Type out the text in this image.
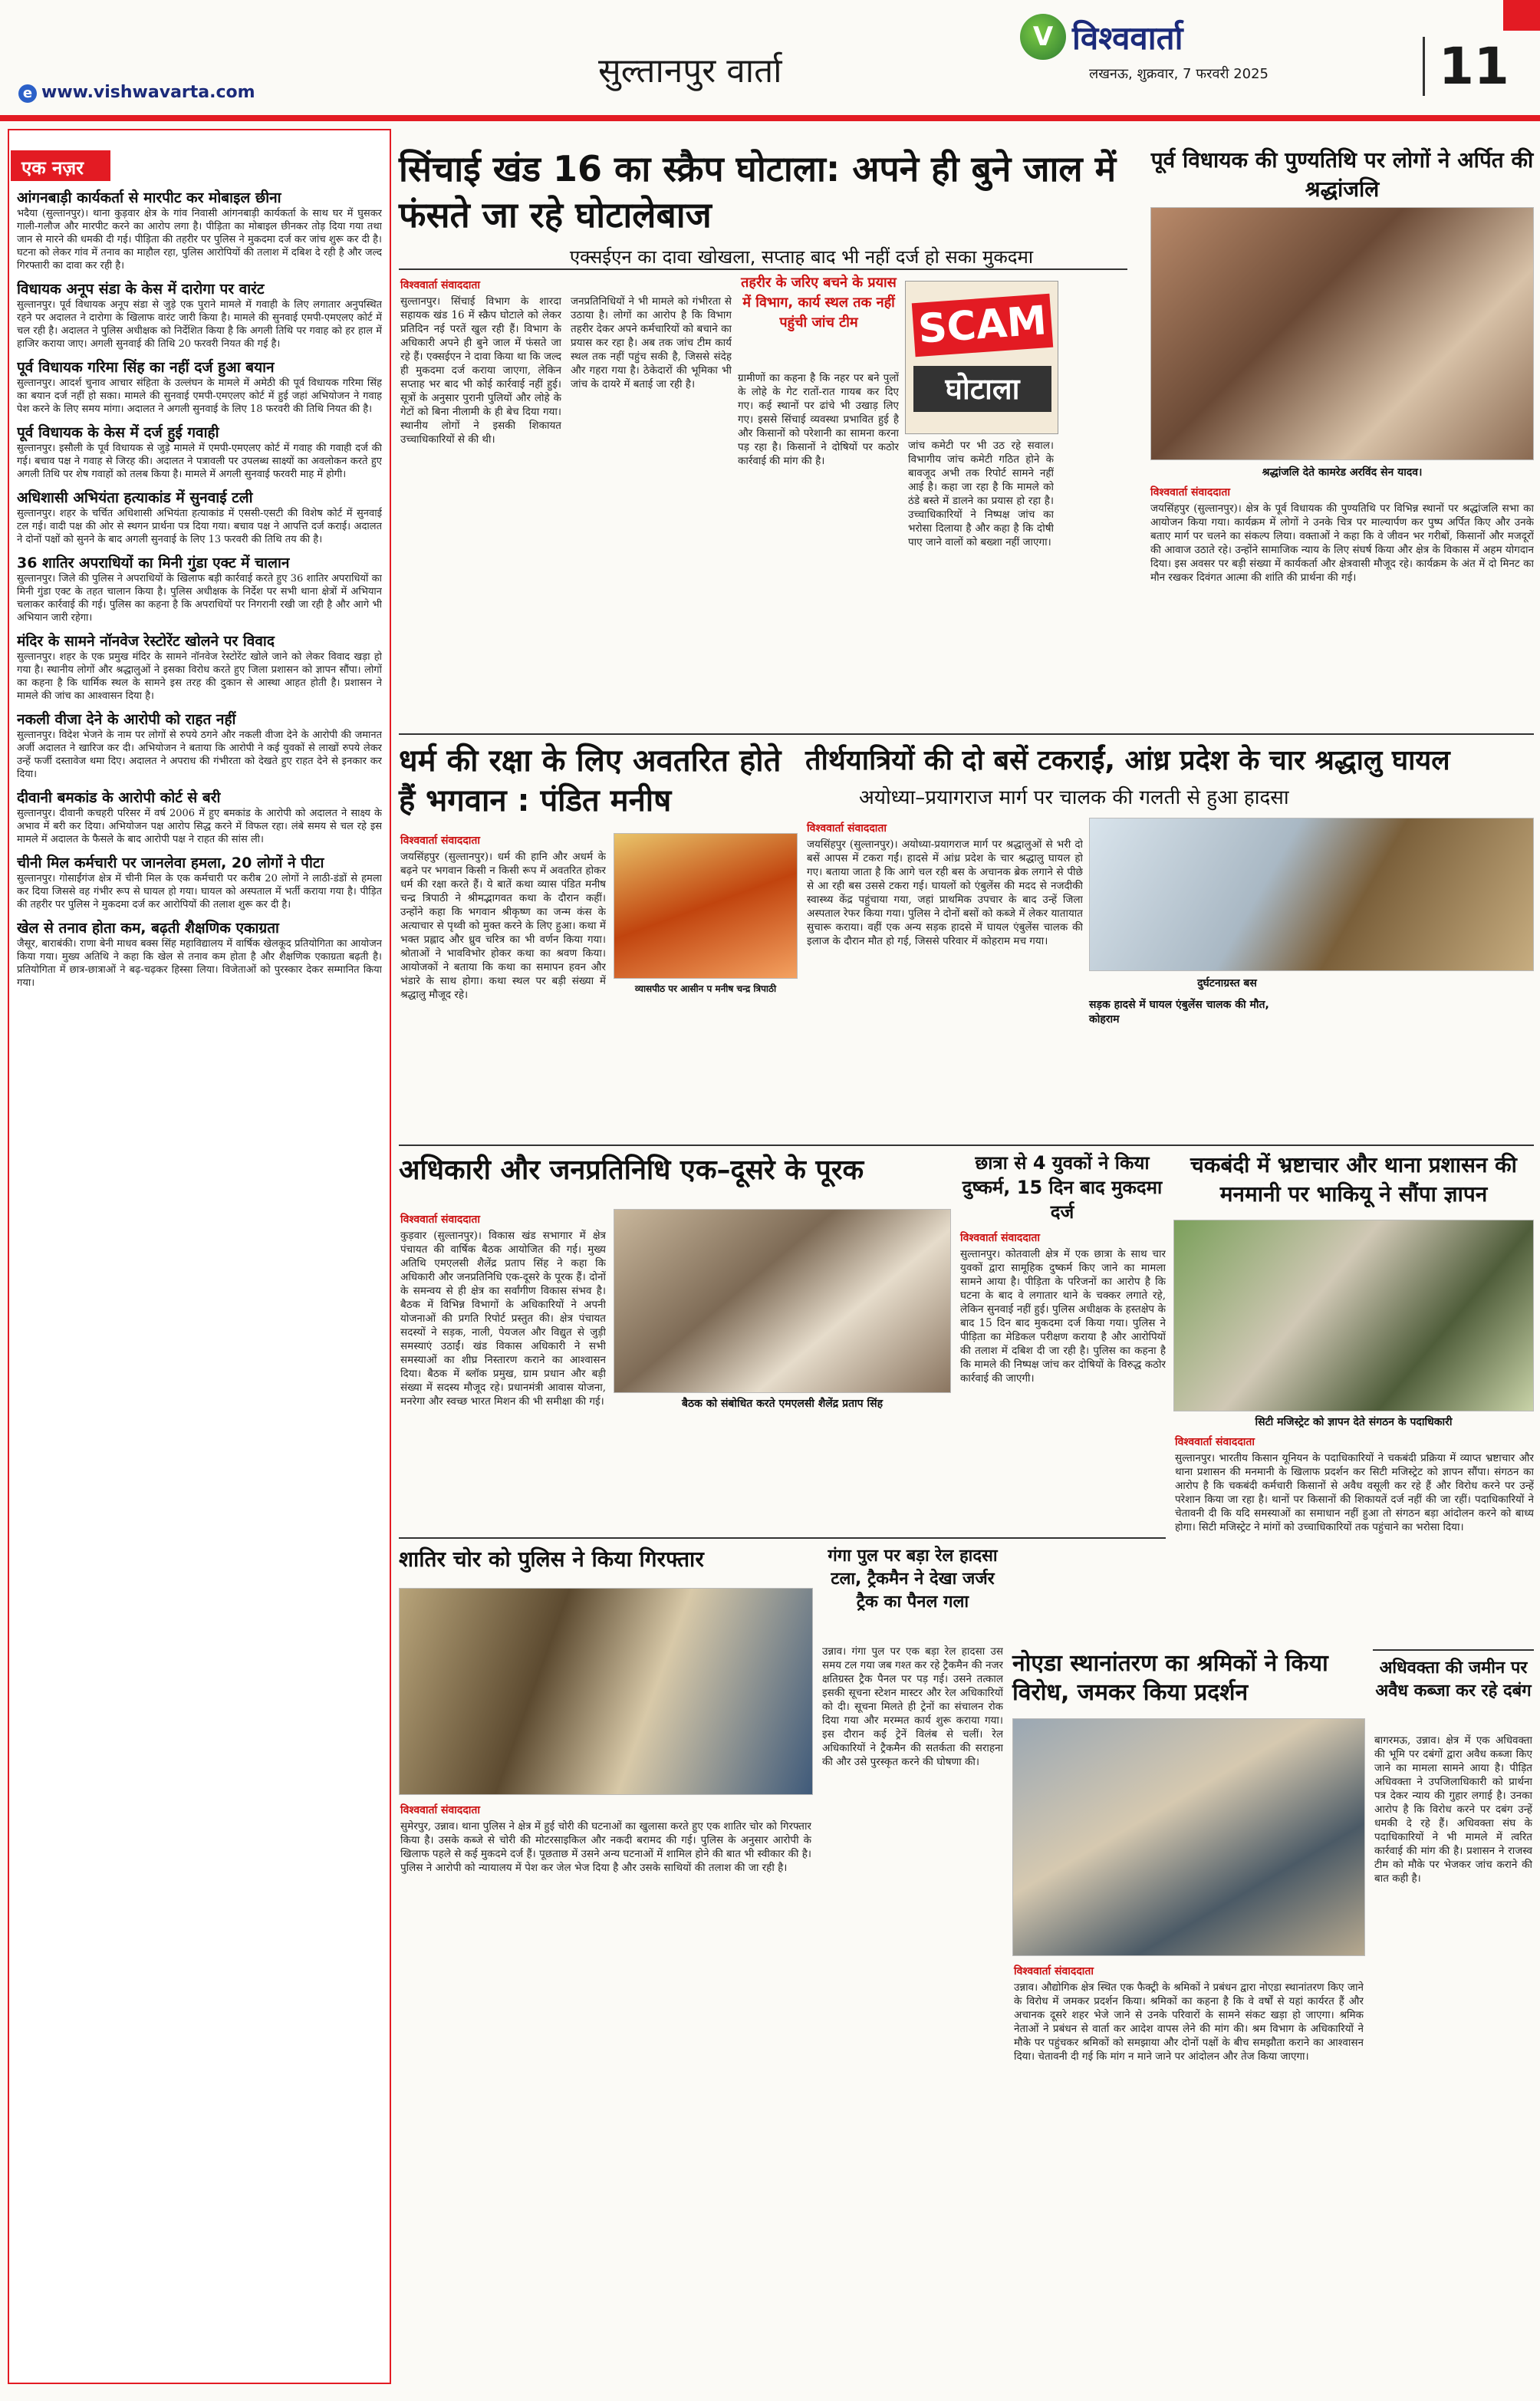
सुल्तानपुर वार्ता
e www.vishwavarta.com
V विश्ववार्ता
लखनऊ, शुक्रवार, 7 फरवरी 2025	11
एक नज़र
आंगनबाड़ी कार्यकर्ता से मारपीट कर मोबाइल छीना
भदैया (सुल्तानपुर)। थाना कुड़वार क्षेत्र के गांव निवासी आंगनबाड़ी कार्यकर्ता के साथ घर में घुसकर गाली-गलौज और मारपीट करने का आरोप लगा है। पीड़िता का मोबाइल छीनकर तोड़ दिया गया तथा जान से मारने की धमकी दी गई। पीड़िता की तहरीर पर पुलिस ने मुकदमा दर्ज कर जांच शुरू कर दी है। घटना को लेकर गांव में तनाव का माहौल रहा, पुलिस आरोपियों की तलाश में दबिश दे रही है और जल्द गिरफ्तारी का दावा कर रही है।
विधायक अनूप संडा के केस में दारोगा पर वारंट
सुल्तानपुर। पूर्व विधायक अनूप संडा से जुड़े एक पुराने मामले में गवाही के लिए लगातार अनुपस्थित रहने पर अदालत ने दारोगा के खिलाफ वारंट जारी किया है। मामले की सुनवाई एमपी-एमएलए कोर्ट में चल रही है। अदालत ने पुलिस अधीक्षक को निर्देशित किया है कि अगली तिथि पर गवाह को हर हाल में हाजिर कराया जाए। अगली सुनवाई की तिथि 20 फरवरी नियत की गई है।
पूर्व विधायक गरिमा सिंह का नहीं दर्ज हुआ बयान
सुल्तानपुर। आदर्श चुनाव आचार संहिता के उल्लंघन के मामले में अमेठी की पूर्व विधायक गरिमा सिंह का बयान दर्ज नहीं हो सका। मामले की सुनवाई एमपी-एमएलए कोर्ट में हुई जहां अभियोजन ने गवाह पेश करने के लिए समय मांगा। अदालत ने अगली सुनवाई के लिए 18 फरवरी की तिथि नियत की है।
पूर्व विधायक के केस में दर्ज हुई गवाही
सुल्तानपुर। इसौली के पूर्व विधायक से जुड़े मामले में एमपी-एमएलए कोर्ट में गवाह की गवाही दर्ज की गई। बचाव पक्ष ने गवाह से जिरह की। अदालत ने पत्रावली पर उपलब्ध साक्ष्यों का अवलोकन करते हुए अगली तिथि पर शेष गवाहों को तलब किया है। मामले में अगली सुनवाई फरवरी माह में होगी।
अधिशासी अभियंता हत्याकांड में सुनवाई टली
सुल्तानपुर। शहर के चर्चित अधिशासी अभियंता हत्याकांड में एससी-एसटी की विशेष कोर्ट में सुनवाई टल गई। वादी पक्ष की ओर से स्थगन प्रार्थना पत्र दिया गया। बचाव पक्ष ने आपत्ति दर्ज कराई। अदालत ने दोनों पक्षों को सुनने के बाद अगली सुनवाई के लिए 13 फरवरी की तिथि तय की है।
36 शातिर अपराधियों का मिनी गुंडा एक्ट में चालान
सुल्तानपुर। जिले की पुलिस ने अपराधियों के खिलाफ बड़ी कार्रवाई करते हुए 36 शातिर अपराधियों का मिनी गुंडा एक्ट के तहत चालान किया है। पुलिस अधीक्षक के निर्देश पर सभी थाना क्षेत्रों में अभियान चलाकर कार्रवाई की गई। पुलिस का कहना है कि अपराधियों पर निगरानी रखी जा रही है और आगे भी अभियान जारी रहेगा।
मंदिर के सामने नॉनवेज रेस्टोरेंट खोलने पर विवाद
सुल्तानपुर। शहर के एक प्रमुख मंदिर के सामने नॉनवेज रेस्टोरेंट खोले जाने को लेकर विवाद खड़ा हो गया है। स्थानीय लोगों और श्रद्धालुओं ने इसका विरोध करते हुए जिला प्रशासन को ज्ञापन सौंपा। लोगों का कहना है कि धार्मिक स्थल के सामने इस तरह की दुकान से आस्था आहत होती है। प्रशासन ने मामले की जांच का आश्वासन दिया है।
नकली वीजा देने के आरोपी को राहत नहीं
सुल्तानपुर। विदेश भेजने के नाम पर लोगों से रुपये ठगने और नकली वीजा देने के आरोपी की जमानत अर्जी अदालत ने खारिज कर दी। अभियोजन ने बताया कि आरोपी ने कई युवकों से लाखों रुपये लेकर उन्हें फर्जी दस्तावेज थमा दिए। अदालत ने अपराध की गंभीरता को देखते हुए राहत देने से इनकार कर दिया।
दीवानी बमकांड के आरोपी कोर्ट से बरी
सुल्तानपुर। दीवानी कचहरी परिसर में वर्ष 2006 में हुए बमकांड के आरोपी को अदालत ने साक्ष्य के अभाव में बरी कर दिया। अभियोजन पक्ष आरोप सिद्ध करने में विफल रहा। लंबे समय से चल रहे इस मामले में अदालत के फैसले के बाद आरोपी पक्ष ने राहत की सांस ली।
चीनी मिल कर्मचारी पर जानलेवा हमला, 20 लोगों ने पीटा
सुल्तानपुर। गोसाईंगंज क्षेत्र में चीनी मिल के एक कर्मचारी पर करीब 20 लोगों ने लाठी-डंडों से हमला कर दिया जिससे वह गंभीर रूप से घायल हो गया। घायल को अस्पताल में भर्ती कराया गया है। पीड़ित की तहरीर पर पुलिस ने मुकदमा दर्ज कर आरोपियों की तलाश शुरू कर दी है।
खेल से तनाव होता कम, बढ़ती शैक्षणिक एकाग्रता
जैसूर, बाराबंकी। राणा बेनी माधव बक्स सिंह महाविद्यालय में वार्षिक खेलकूद प्रतियोगिता का आयोजन किया गया। मुख्य अतिथि ने कहा कि खेल से तनाव कम होता है और शैक्षणिक एकाग्रता बढ़ती है। प्रतियोगिता में छात्र-छात्राओं ने बढ़-चढ़कर हिस्सा लिया। विजेताओं को पुरस्कार देकर सम्मानित किया गया।
सिंचाई खंड 16 का स्क्रैप घोटाला: अपने ही बुने जाल में फंसते जा रहे घोटालेबाज
एक्सईएन का दावा खोखला, सप्ताह बाद भी नहीं दर्ज हो सका मुकदमा
विश्ववार्ता संवाददाता	तहरीर के जरिए बचने के प्रयास में विभाग, कार्य स्थल तक नहीं पहुंची जांच टीम	SCAM
घोटाला
सुल्तानपुर। सिंचाई विभाग के शारदा सहायक खंड 16 में स्क्रैप घोटाले को लेकर प्रतिदिन नई परतें खुल रही हैं। विभाग के अधिकारी अपने ही बुने जाल में फंसते जा रहे हैं। एक्सईएन ने दावा किया था कि जल्द ही मुकदमा दर्ज कराया जाएगा, लेकिन सप्ताह भर बाद भी कोई कार्रवाई नहीं हुई। सूत्रों के अनुसार पुरानी पुलियों और लोहे के गेटों को बिना नीलामी के ही बेच दिया गया। स्थानीय लोगों ने इसकी शिकायत उच्चाधिकारियों से की थी।
जनप्रतिनिधियों ने भी मामले को गंभीरता से उठाया है। लोगों का आरोप है कि विभाग तहरीर देकर अपने कर्मचारियों को बचाने का प्रयास कर रहा है। अब तक जांच टीम कार्य स्थल तक नहीं पहुंच सकी है, जिससे संदेह और गहरा गया है। ठेकेदारों की भूमिका भी जांच के दायरे में बताई जा रही है।	ग्रामीणों का कहना है कि नहर पर बने पुलों के लोहे के गेट रातों-रात गायब कर दिए गए। कई स्थानों पर ढांचे भी उखाड़ लिए गए। इससे सिंचाई व्यवस्था प्रभावित हुई है और किसानों को परेशानी का सामना करना पड़ रहा है। किसानों ने दोषियों पर कठोर कार्रवाई की मांग की है।
जांच कमेटी पर भी उठ रहे सवाल। विभागीय जांच कमेटी गठित होने के बावजूद अभी तक रिपोर्ट सामने नहीं आई है। कहा जा रहा है कि मामले को ठंडे बस्ते में डालने का प्रयास हो रहा है। उच्चाधिकारियों ने निष्पक्ष जांच का भरोसा दिलाया है और कहा है कि दोषी पाए जाने वालों को बख्शा नहीं जाएगा।
पूर्व विधायक की पुण्यतिथि पर लोगों ने अर्पित की श्रद्धांजलि
श्रद्धांजलि देते कामरेड अरविंद सेन यादव।
विश्ववार्ता संवाददाता
जयसिंहपुर (सुल्तानपुर)। क्षेत्र के पूर्व विधायक की पुण्यतिथि पर विभिन्न स्थानों पर श्रद्धांजलि सभा का आयोजन किया गया। कार्यक्रम में लोगों ने उनके चित्र पर माल्यार्पण कर पुष्प अर्पित किए और उनके बताए मार्ग पर चलने का संकल्प लिया। वक्ताओं ने कहा कि वे जीवन भर गरीबों, किसानों और मजदूरों की आवाज उठाते रहे। उन्होंने सामाजिक न्याय के लिए संघर्ष किया और क्षेत्र के विकास में अहम योगदान दिया। इस अवसर पर बड़ी संख्या में कार्यकर्ता और क्षेत्रवासी मौजूद रहे। कार्यक्रम के अंत में दो मिनट का मौन रखकर दिवंगत आत्मा की शांति की प्रार्थना की गई।
धर्म की रक्षा के लिए अवतरित होते हैं भगवान : पंडित मनीष
विश्ववार्ता संवाददाता
व्यासपीठ पर आसीन प मनीष चन्द्र त्रिपाठी
जयसिंहपुर (सुल्तानपुर)। धर्म की हानि और अधर्म के बढ़ने पर भगवान किसी न किसी रूप में अवतरित होकर धर्म की रक्षा करते हैं। ये बातें कथा व्यास पंडित मनीष चन्द्र त्रिपाठी ने श्रीमद्भागवत कथा के दौरान कहीं। उन्होंने कहा कि भगवान श्रीकृष्ण का जन्म कंस के अत्याचार से पृथ्वी को मुक्त करने के लिए हुआ। कथा में भक्त प्रह्लाद और ध्रुव चरित्र का भी वर्णन किया गया। श्रोताओं ने भावविभोर होकर कथा का श्रवण किया। आयोजकों ने बताया कि कथा का समापन हवन और भंडारे के साथ होगा। कथा स्थल पर बड़ी संख्या में श्रद्धालु मौजूद रहे।
तीर्थयात्रियों की दो बसें टकराईं, आंध्र प्रदेश के चार श्रद्धालु घायल
अयोध्या–प्रयागराज मार्ग पर चालक की गलती से हुआ हादसा
विश्ववार्ता संवाददाता
दुर्घटनाग्रस्त बस
सड़क हादसे में घायल एंबुलेंस चालक की मौत,
कोहराम
जयसिंहपुर (सुल्तानपुर)। अयोध्या-प्रयागराज मार्ग पर श्रद्धालुओं से भरी दो बसें आपस में टकरा गईं। हादसे में आंध्र प्रदेश के चार श्रद्धालु घायल हो गए। बताया जाता है कि आगे चल रही बस के अचानक ब्रेक लगाने से पीछे से आ रही बस उससे टकरा गई। घायलों को एंबुलेंस की मदद से नजदीकी स्वास्थ्य केंद्र पहुंचाया गया, जहां प्राथमिक उपचार के बाद उन्हें जिला अस्पताल रेफर किया गया। पुलिस ने दोनों बसों को कब्जे में लेकर यातायात सुचारू कराया। वहीं एक अन्य सड़क हादसे में घायल एंबुलेंस चालक की इलाज के दौरान मौत हो गई, जिससे परिवार में कोहराम मच गया।
अधिकारी और जनप्रतिनिधि एक–दूसरे के पूरक
विश्ववार्ता संवाददाता
बैठक को संबोधित करते एमएलसी शैलेंद्र प्रताप सिंह
कुड़वार (सुल्तानपुर)। विकास खंड सभागार में क्षेत्र पंचायत की वार्षिक बैठक आयोजित की गई। मुख्य अतिथि एमएलसी शैलेंद्र प्रताप सिंह ने कहा कि अधिकारी और जनप्रतिनिधि एक-दूसरे के पूरक हैं। दोनों के समन्वय से ही क्षेत्र का सर्वांगीण विकास संभव है। बैठक में विभिन्न विभागों के अधिकारियों ने अपनी योजनाओं की प्रगति रिपोर्ट प्रस्तुत की। क्षेत्र पंचायत सदस्यों ने सड़क, नाली, पेयजल और विद्युत से जुड़ी समस्याएं उठाईं। खंड विकास अधिकारी ने सभी समस्याओं का शीघ्र निस्तारण कराने का आश्वासन दिया। बैठक में ब्लॉक प्रमुख, ग्राम प्रधान और बड़ी संख्या में सदस्य मौजूद रहे। प्रधानमंत्री आवास योजना, मनरेगा और स्वच्छ भारत मिशन की भी समीक्षा की गई।
छात्रा से 4 युवकों ने किया दुष्कर्म, 15 दिन बाद मुकदमा दर्ज
विश्ववार्ता संवाददाता
सुल्तानपुर। कोतवाली क्षेत्र में एक छात्रा के साथ चार युवकों द्वारा सामूहिक दुष्कर्म किए जाने का मामला सामने आया है। पीड़िता के परिजनों का आरोप है कि घटना के बाद वे लगातार थाने के चक्कर लगाते रहे, लेकिन सुनवाई नहीं हुई। पुलिस अधीक्षक के हस्तक्षेप के बाद 15 दिन बाद मुकदमा दर्ज किया गया। पुलिस ने पीड़िता का मेडिकल परीक्षण कराया है और आरोपियों की तलाश में दबिश दी जा रही है। पुलिस का कहना है कि मामले की निष्पक्ष जांच कर दोषियों के विरुद्ध कठोर कार्रवाई की जाएगी।
चकबंदी में भ्रष्टाचार और थाना प्रशासन की मनमानी पर भाकियू ने सौंपा ज्ञापन
सिटी मजिस्ट्रेट को ज्ञापन देते संगठन के पदाधिकारी
विश्ववार्ता संवाददाता
सुल्तानपुर। भारतीय किसान यूनियन के पदाधिकारियों ने चकबंदी प्रक्रिया में व्याप्त भ्रष्टाचार और थाना प्रशासन की मनमानी के खिलाफ प्रदर्शन कर सिटी मजिस्ट्रेट को ज्ञापन सौंपा। संगठन का आरोप है कि चकबंदी कर्मचारी किसानों से अवैध वसूली कर रहे हैं और विरोध करने पर उन्हें परेशान किया जा रहा है। थानों पर किसानों की शिकायतें दर्ज नहीं की जा रहीं। पदाधिकारियों ने चेतावनी दी कि यदि समस्याओं का समाधान नहीं हुआ तो संगठन बड़ा आंदोलन करने को बाध्य होगा। सिटी मजिस्ट्रेट ने मांगों को उच्चाधिकारियों तक पहुंचाने का भरोसा दिया।
शातिर चोर को पुलिस ने किया गिरफ्तार
विश्ववार्ता संवाददाता
सुमेरपुर, उन्नाव। थाना पुलिस ने क्षेत्र में हुई चोरी की घटनाओं का खुलासा करते हुए एक शातिर चोर को गिरफ्तार किया है। उसके कब्जे से चोरी की मोटरसाइकिल और नकदी बरामद की गई। पुलिस के अनुसार आरोपी के खिलाफ पहले से कई मुकदमे दर्ज हैं। पूछताछ में उसने अन्य घटनाओं में शामिल होने की बात भी स्वीकार की है। पुलिस ने आरोपी को न्यायालय में पेश कर जेल भेज दिया है और उसके साथियों की तलाश की जा रही है।
गंगा पुल पर बड़ा रेल हादसा टला, ट्रैकमैन ने देखा जर्जर ट्रैक का पैनल गला
उन्नाव। गंगा पुल पर एक बड़ा रेल हादसा उस समय टल गया जब गश्त कर रहे ट्रैकमैन की नजर क्षतिग्रस्त ट्रैक पैनल पर पड़ गई। उसने तत्काल इसकी सूचना स्टेशन मास्टर और रेल अधिकारियों को दी। सूचना मिलते ही ट्रेनों का संचालन रोक दिया गया और मरम्मत कार्य शुरू कराया गया। इस दौरान कई ट्रेनें विलंब से चलीं। रेल अधिकारियों ने ट्रैकमैन की सतर्कता की सराहना की और उसे पुरस्कृत करने की घोषणा की।
नोएडा स्थानांतरण का श्रमिकों ने किया विरोध, जमकर किया प्रदर्शन
विश्ववार्ता संवाददाता
उन्नाव। औद्योगिक क्षेत्र स्थित एक फैक्ट्री के श्रमिकों ने प्रबंधन द्वारा नोएडा स्थानांतरण किए जाने के विरोध में जमकर प्रदर्शन किया। श्रमिकों का कहना है कि वे वर्षों से यहां कार्यरत हैं और अचानक दूसरे शहर भेजे जाने से उनके परिवारों के सामने संकट खड़ा हो जाएगा। श्रमिक नेताओं ने प्रबंधन से वार्ता कर आदेश वापस लेने की मांग की। श्रम विभाग के अधिकारियों ने मौके पर पहुंचकर श्रमिकों को समझाया और दोनों पक्षों के बीच समझौता कराने का आश्वासन दिया। चेतावनी दी गई कि मांग न माने जाने पर आंदोलन और तेज किया जाएगा।
अधिवक्ता की जमीन पर अवैध कब्जा कर रहे दबंग
बागरमऊ, उन्नाव। क्षेत्र में एक अधिवक्ता की भूमि पर दबंगों द्वारा अवैध कब्जा किए जाने का मामला सामने आया है। पीड़ित अधिवक्ता ने उपजिलाधिकारी को प्रार्थना पत्र देकर न्याय की गुहार लगाई है। उनका आरोप है कि विरोध करने पर दबंग उन्हें धमकी दे रहे हैं। अधिवक्ता संघ के पदाधिकारियों ने भी मामले में त्वरित कार्रवाई की मांग की है। प्रशासन ने राजस्व टीम को मौके पर भेजकर जांच कराने की बात कही है।
